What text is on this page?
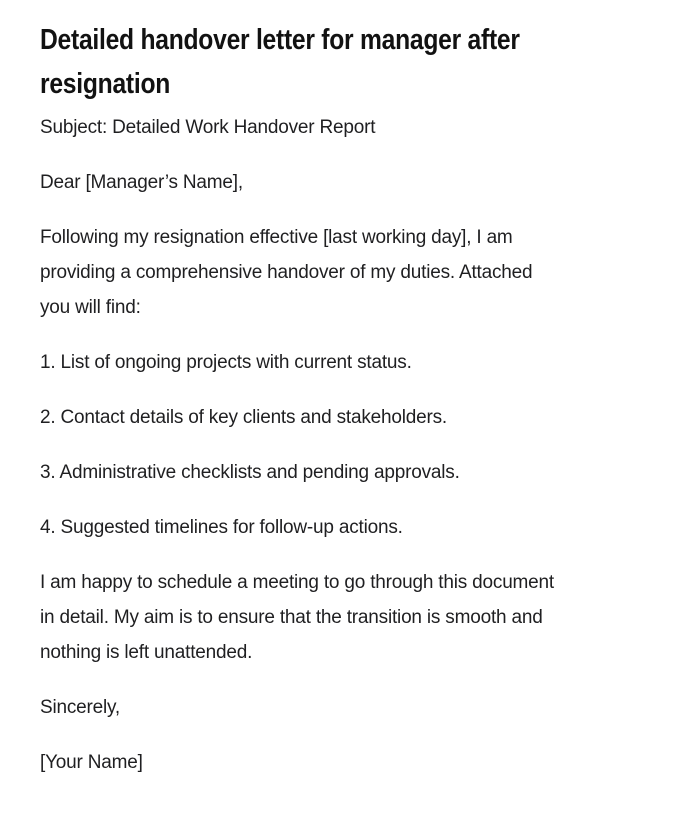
Detailed handover letter for manager after
resignation

Subject: Detailed Work Handover Report

Dear [Manager’s Name],

Following my resignation effective [last working day], I am
providing a comprehensive handover of my duties. Attached
you will find:

1. List of ongoing projects with current status.

2. Contact details of key clients and stakeholders.

3. Administrative checklists and pending approvals.

4. Suggested timelines for follow-up actions.

I am happy to schedule a meeting to go through this document
in detail. My aim is to ensure that the transition is smooth and
nothing is left unattended.

Sincerely,

[Your Name]
